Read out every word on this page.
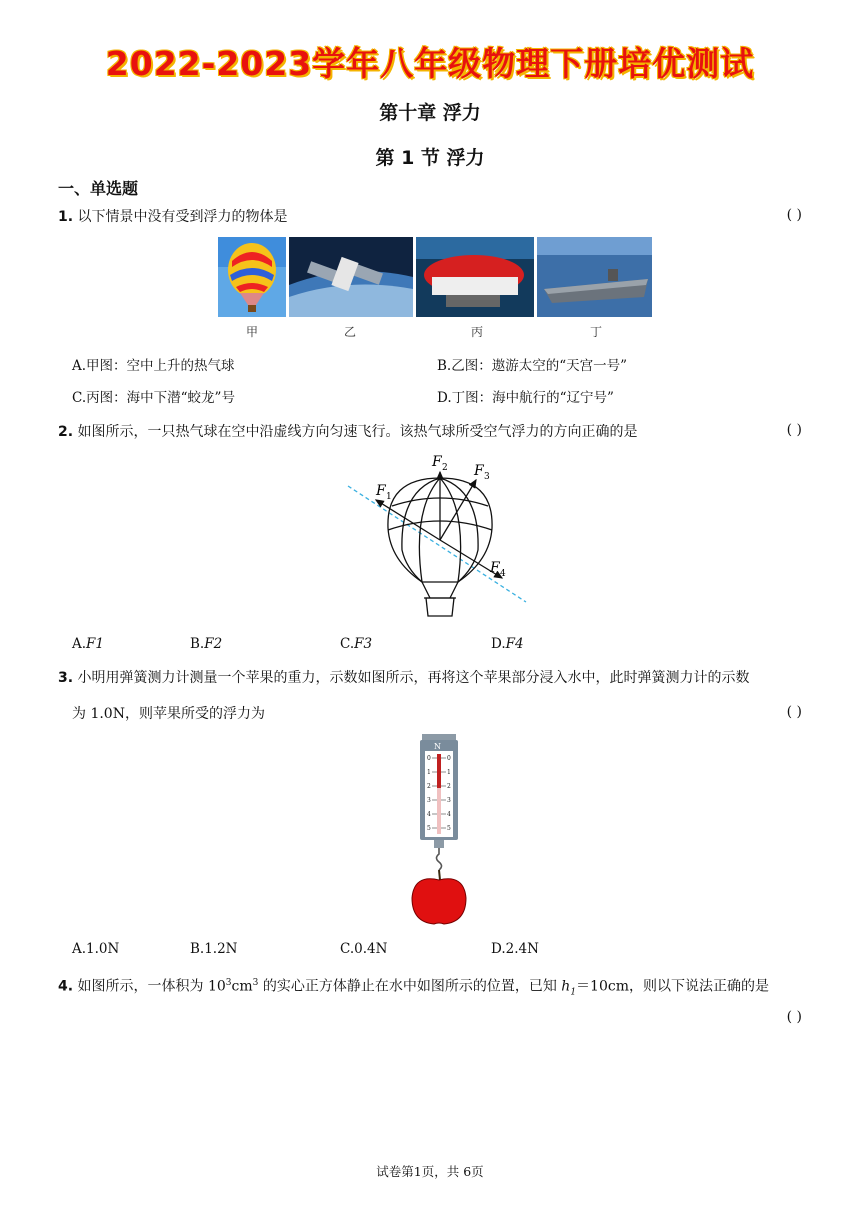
2022-2023学年八年级物理下册培优测试
第十章 浮力
第 1 节 浮力
一、单选题
1. 以下情景中没有受到浮力的物体是	( )
甲	乙	丙	丁
A.甲图：空中上升的热气球	B.乙图：遨游太空的“天宫一号”
C.丙图：海中下潜“蛟龙”号	D.丁图：海中航行的“辽宁号”
2. 如图所示，一只热气球在空中沿虚线方向匀速飞行。该热气球所受空气浮力的方向正确的是	( )
F 1
F 2 F 3
F 4
A.F1	B.F2	C.F3	D.F4
3. 小明用弹簧测力计测量一个苹果的重力，示数如图所示，再将这个苹果部分浸入水中，此时弹簧测力计的示数
为 1.0N，则苹果所受的浮力为	( )
N
0	0
1	1
2	2
3	3
4	4
5	5
A.1.0N	B.1.2N	C.0.4N	D.2.4N
4. 如图所示，一体积为 $10^3cm^3$ 的实心正方体静止在水中如图所示的位置，已知 $h_1=10cm$，则以下说法正确的是
( )
试卷第1页，共 6页
